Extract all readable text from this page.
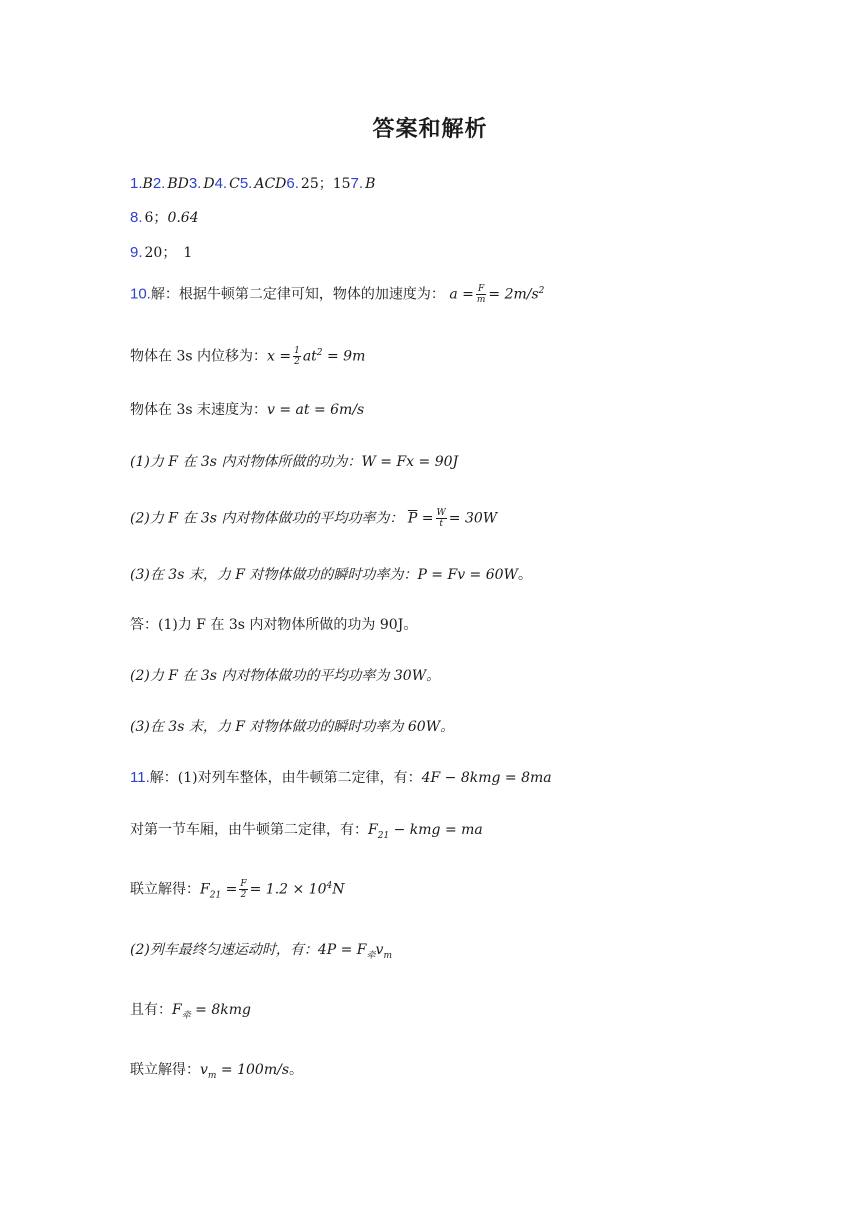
答案和解析
1.B2. BD3. D4. C5. ACD6. 25；157. B
8. 6；0.64
9. 20；　1
10.解：根据牛顿第二定律可知，物体的加速度为： $a = \frac{F}{m} = 2m/s^2$
物体在 3s 内位移为：$x = \frac{1}{2} at^2 = 9m$
物体在 3s 末速度为：v = at = 6m/s
(1)力 F 在 3s 内对物体所做的功为：W = Fx = 90J
(2)力 F 在 3s 内对物体做功的平均功率为： $\overline{P} = \frac{W}{t} = 30W$
(3)在 3s 末，力 F 对物体做功的瞬时功率为：P = Fv = 60W。
答：(1)力 F 在 3s 内对物体所做的功为 90J。
(2)力 F 在 3s 内对物体做功的平均功率为 30W。
(3)在 3s 末，力 F 对物体做功的瞬时功率为 60W。
11.解：(1)对列车整体，由牛顿第二定律，有：4F − 8kmg = 8ma
对第一节车厢，由牛顿第二定律，有：$F_{21}$ − kmg = ma
联立解得：$F_{21} = \frac{F}{2} = 1.2 \times 10^4N$
(2)列车最终匀速运动时，有：$4P = F_牵v_m$
且有：$F_牵 = 8kmg$
联立解得：$v_m = 100m/s$。
